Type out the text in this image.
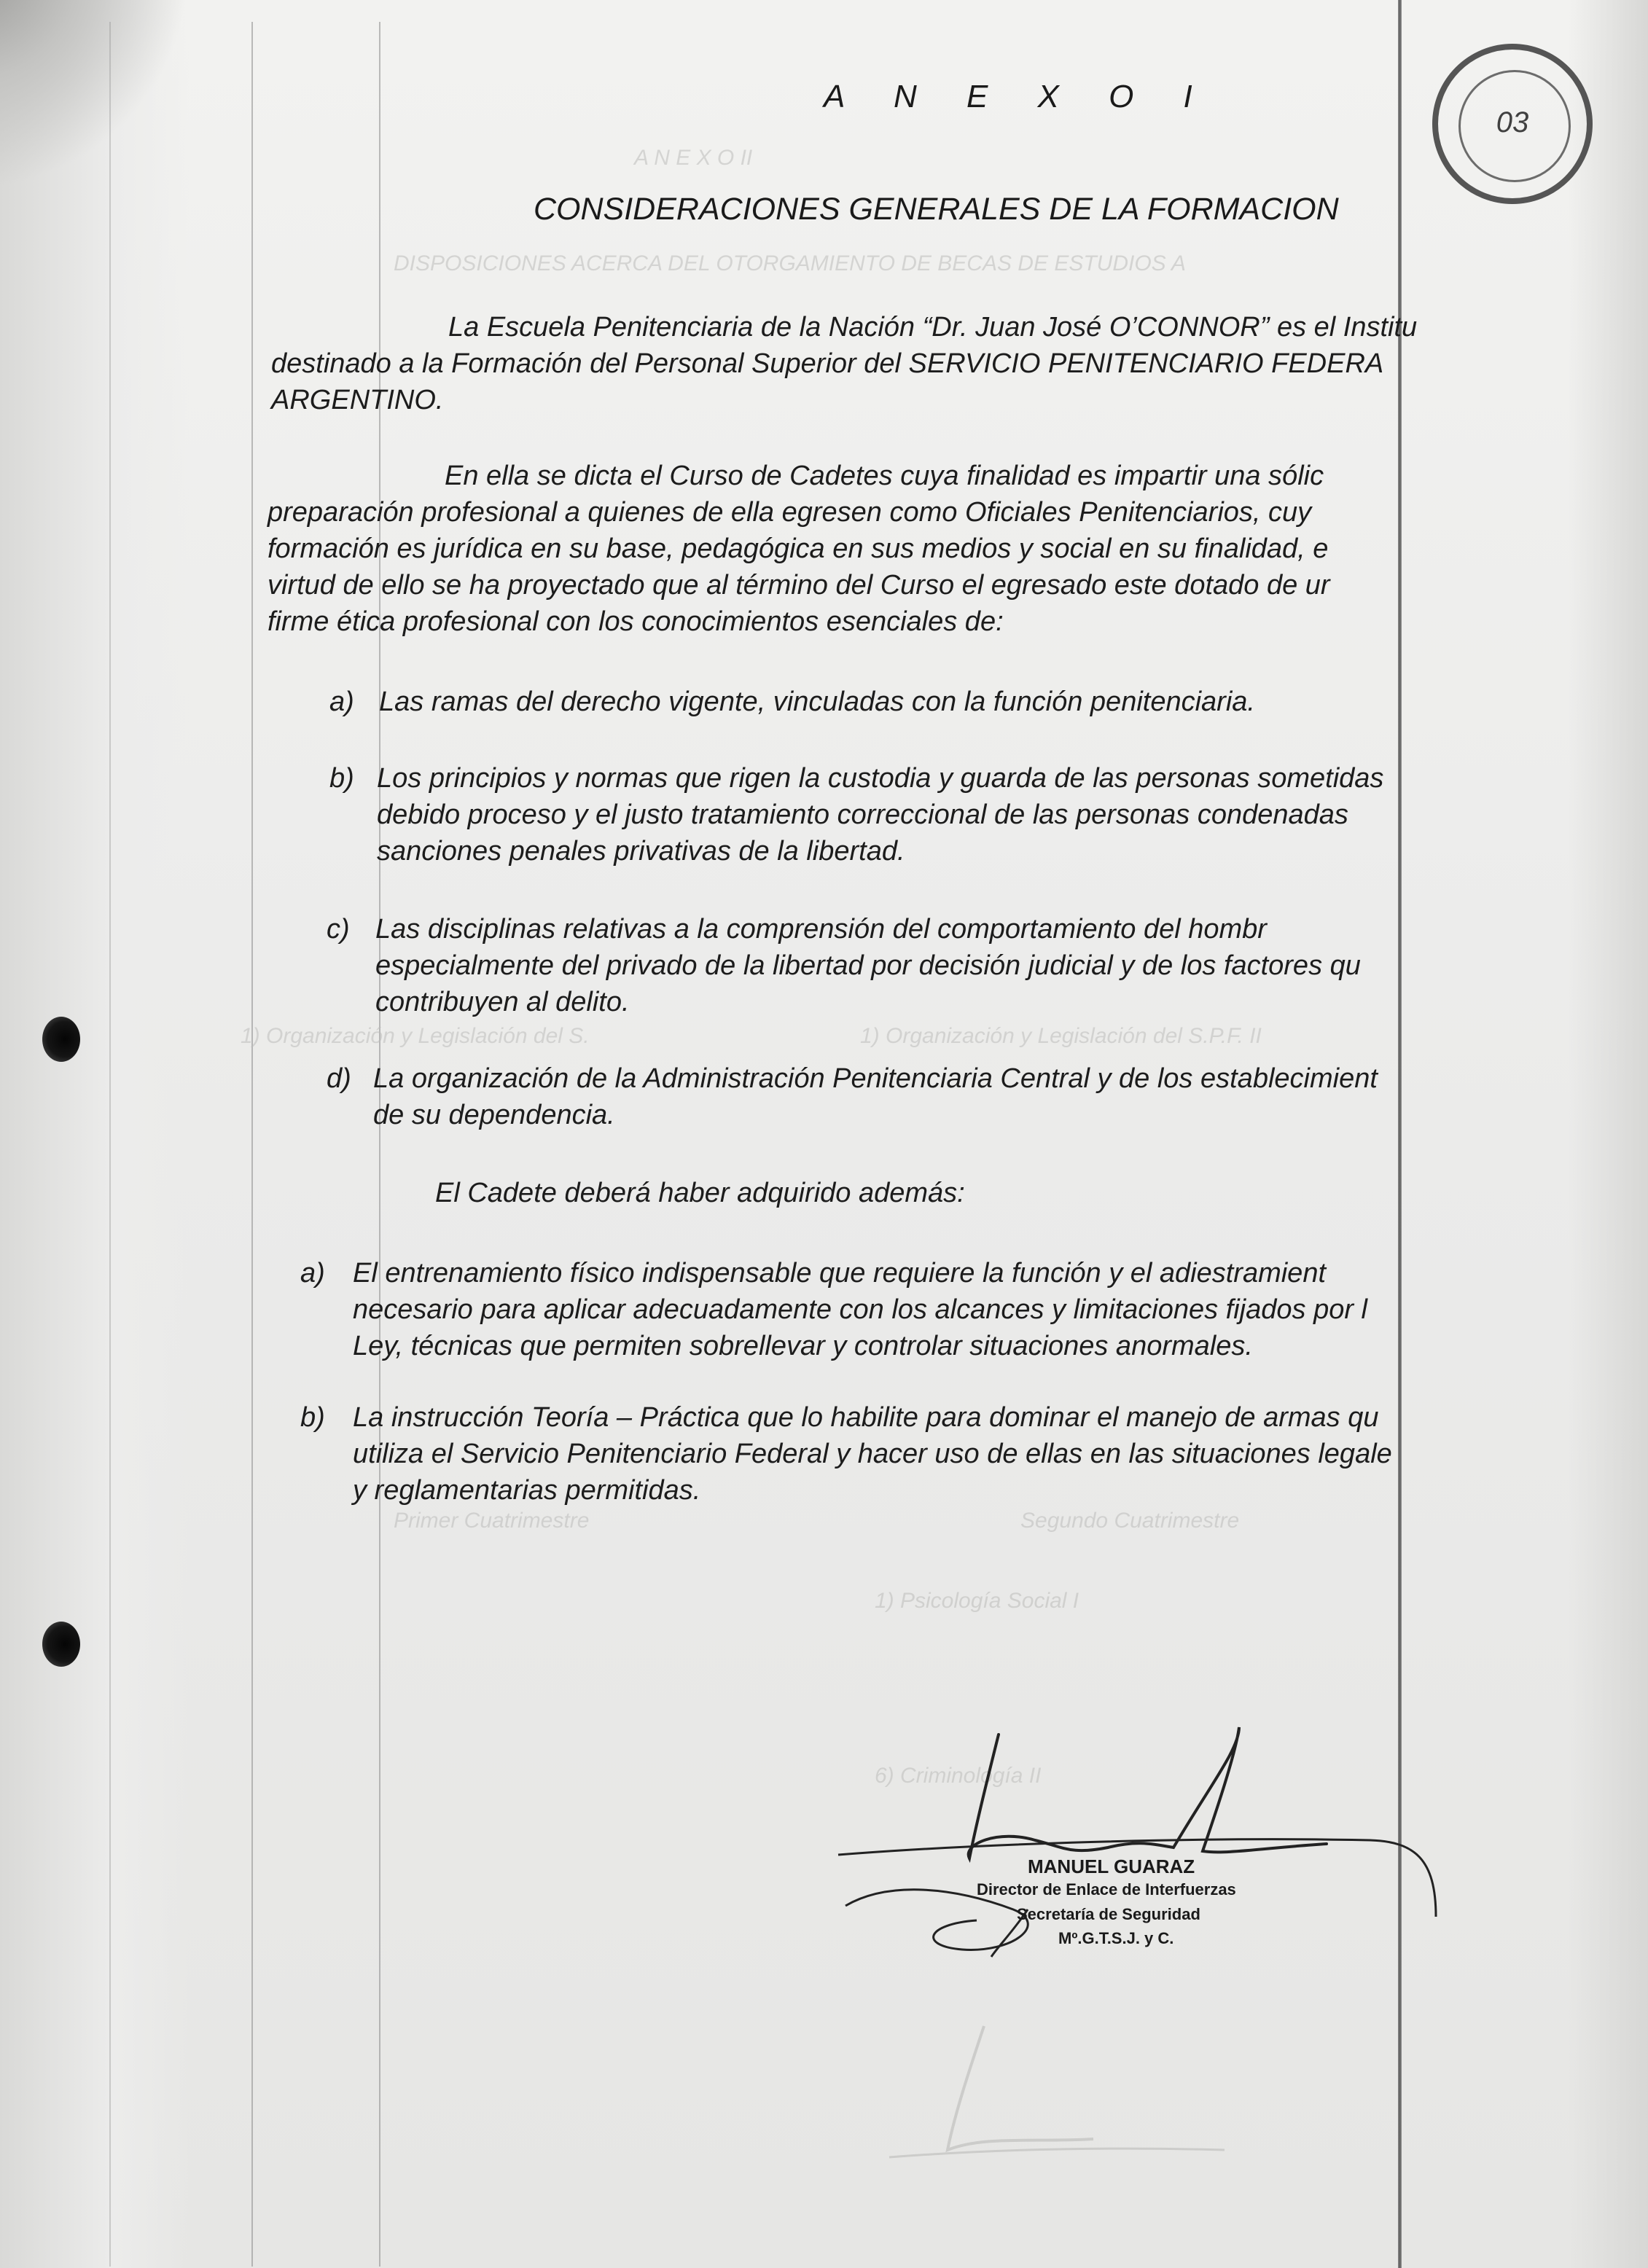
A N E X O II
DISPOSICIONES ACERCA DEL OTORGAMIENTO DE BECAS DE ESTUDIOS A
1) Organización y Legislación del S.	1) Organización y Legislación del S.P.F. II
Segundo Cuatrimestre
Primer Cuatrimestre
1) Psicología Social I
6) Criminología II
03
A N E X O I
CONSIDERACIONES GENERALES DE LA FORMACION

La Escuela Penitenciaria de la Nación “Dr. Juan José O’CONNOR” es el Institu
destinado a la Formación del Personal Superior del SERVICIO PENITENCIARIO FEDERA
ARGENTINO.

En ella se dicta el Curso de Cadetes cuya finalidad es impartir una sólic
preparación profesional a quienes de ella egresen como Oficiales Penitenciarios, cuy
formación es jurídica en su base, pedagógica en sus medios y social en su finalidad, e
virtud de ello se ha proyectado que al término del Curso el egresado este dotado de ur
firme ética profesional con los conocimientos esenciales de:

a) Las ramas del derecho vigente, vinculadas con la función penitenciaria.

b) Los principios y normas que rigen la custodia y guarda de las personas sometidas
debido proceso y el justo tratamiento correccional de las personas condenadas
sanciones penales privativas de la libertad.

c) Las disciplinas relativas a la comprensión del comportamiento del hombr
especialmente del privado de la libertad por decisión judicial y de los factores qu
contribuyen al delito.

d) La organización de la Administración Penitenciaria Central y de los establecimient
de su dependencia.

El Cadete deberá haber adquirido además:

a) El entrenamiento físico indispensable que requiere la función y el adiestramient
necesario para aplicar adecuadamente con los alcances y limitaciones fijados por l
Ley, técnicas que permiten sobrellevar y controlar situaciones anormales.

b) La instrucción Teoría – Práctica que lo habilite para dominar el manejo de armas qu
utiliza el Servicio Penitenciario Federal y hacer uso de ellas en las situaciones legale
y reglamentarias permitidas.

MANUEL GUARAZ
Director de Enlace de Interfuerzas
Secretaría de Seguridad
Mº.G.T.S.J. y C.
